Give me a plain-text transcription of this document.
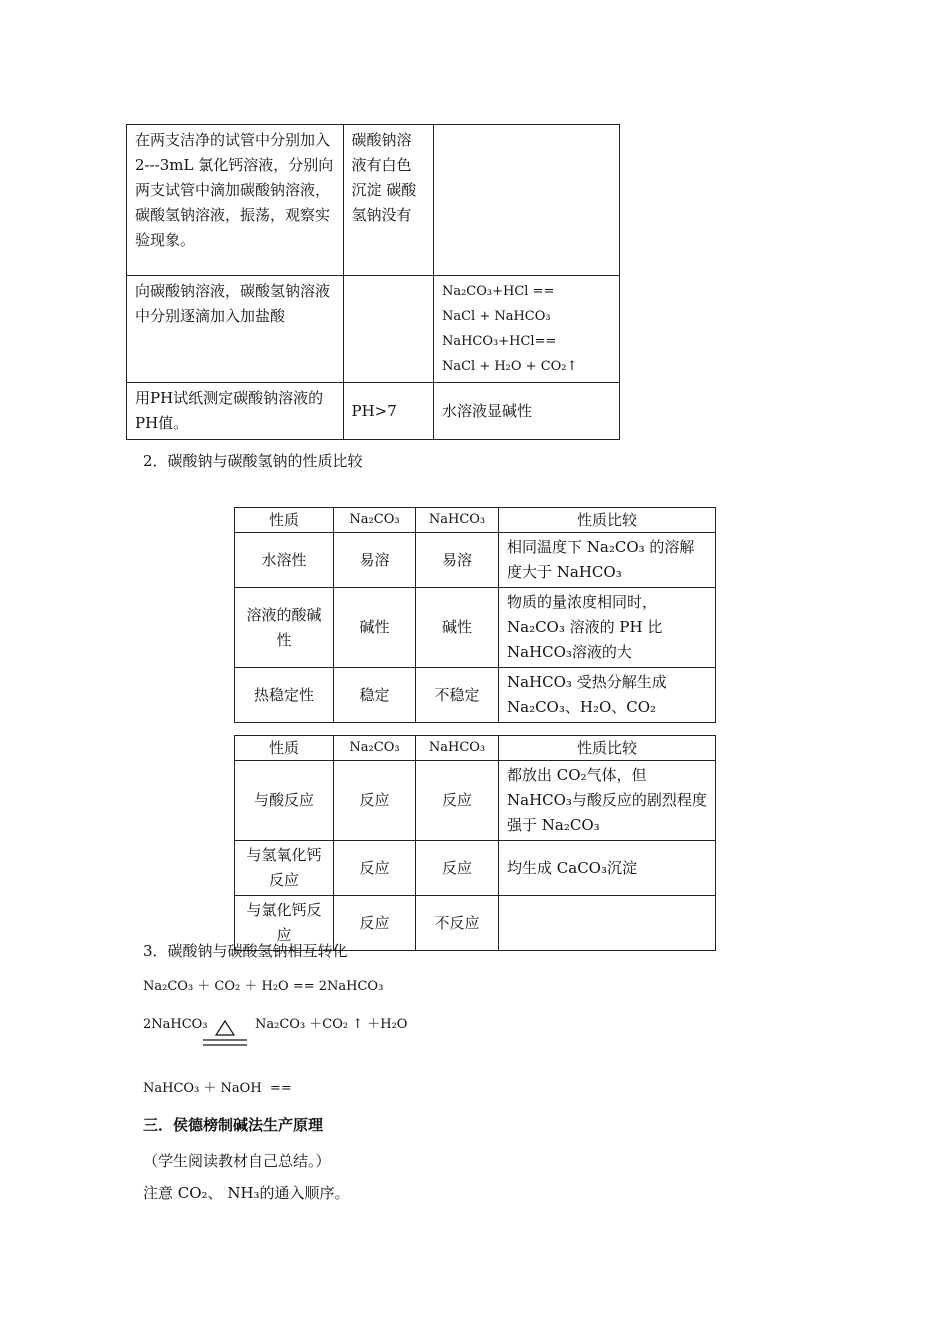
在两支洁净的试管中分别加入 2---3mL 氯化钙溶液，分别向两支试管中滴加碳酸钠溶液，碳酸氢钠溶液，振荡，观察实验现象。	碳酸钠溶液有白色沉淀 碳酸氢钠没有	
向碳酸钠溶液，碳酸氢钠溶液中分别逐滴加入加盐酸		Na₂CO₃+HCl ==
NaCl + NaHCO₃
NaHCO₃+HCl==
NaCl + H₂O + CO₂↑

用PH试纸测定碳酸钠溶液的PH值。	PH>7	水溶液显碱性
2．碳酸钠与碳酸氢钠的性质比较
性质	Na₂CO₃	NaHCO₃	性质比较
水溶性	易溶	易溶	相同温度下 Na₂CO₃ 的溶解度大于 NaHCO₃
溶液的酸碱性	碱性	碱性	物质的量浓度相同时，Na₂CO₃ 溶液的 PH 比 NaHCO₃溶液的大
热稳定性	稳定	不稳定	NaHCO₃ 受热分解生成 Na₂CO₃、H₂O、CO₂
性质	Na₂CO₃	NaHCO₃	性质比较
与酸反应	反应	反应	都放出 CO₂气体，但 NaHCO₃与酸反应的剧烈程度强于 Na₂CO₃
与氢氧化钙反应	反应	反应	均生成 CaCO₃沉淀
与氯化钙反应	反应	不反应	
3．碳酸钠与碳酸氢钠相互转化
Na₂CO₃ ＋ CO₂ ＋ H₂O == 2NaHCO₃
2NaHCO₃	Na₂CO₃ ＋CO₂ ↑ ＋H₂O
NaHCO₃ ＋ NaOH  ==
三．侯德榜制碱法生产原理
（学生阅读教材自己总结。）
注意 CO₂、 NH₃的通入顺序。
